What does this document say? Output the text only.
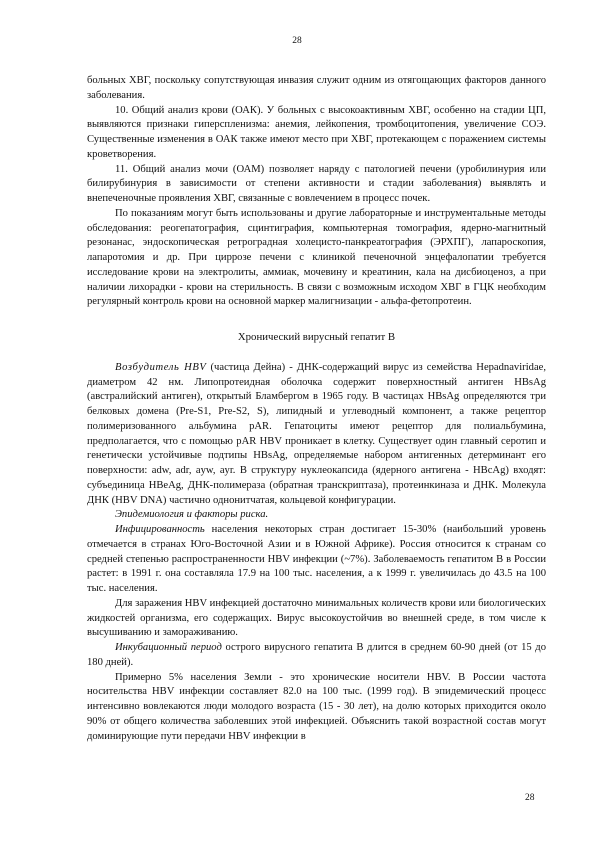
28

больных ХВГ, поскольку сопутствующая инвазия служит одним из отягощающих факторов данного заболевания.

10. Общий анализ крови (ОАК). У больных с высокоактивным ХВГ, особенно на стадии ЦП, выявляются признаки гиперспленизма: анемия, лейкопения, тромбоцитопения, увеличение СОЭ. Существенные изменения в ОАК также имеют место при ХВГ, протекающем с поражением системы кроветворения.

11. Общий анализ мочи (ОАМ) позволяет наряду с патологией печени (уробилинурия или билирубинурия в зависимости от степени активности и стадии заболевания) выявлять и внепеченочные проявления ХВГ, связанные с вовлечением в процесс почек.

По показаниям могут быть использованы и другие лабораторные и инструментальные методы обследования: реогепатография, сцинтиграфия, компьютерная томография, ядерно-магнитный резонанас, эндоскопическая ретроградная холецисто-панкреатография (ЭРХПГ), лапароскопия, лапаротомия и др. При циррозе печени с клиникой печеночной энцефалопатии требуется исследование крови на электролиты, аммиак, мочевину и креатинин, кала на дисбиоценоз, а при наличии лихорадки - крови на стерильность. В связи с возможным исходом ХВГ в ГЦК необходим регулярный контроль крови на основной маркер малигнизации - альфа-фетопротеин.

Хронический вирусный гепатит В

Возбудитель HBV (частица Дейна) - ДНК-содержащий вирус из семейства Hepadnaviridae, диаметром 42 нм. Липопротеидная оболочка содержит поверхностный антиген HBsAg (австралийский антиген), открытый Бламбергом в 1965 году. В частицах HBsAg определяются три белковых домена (Pre-S1, Pre-S2, S), липидный и углеводный компонент, а также рецептор полимеризованного альбумина pAR. Гепатоциты имеют рецептор для полиальбумина, предполагается, что с помощью pAR HBV проникает в клетку. Существует один главный серотип и генетически устойчивые подтипы HBsAg, определяемые набором антигенных детерминант его поверхности: adw, adr, ayw, ayr. В структуру нуклеокапсида (ядерного антигена - HBcAg) входят: субъединица HBeAg, ДНК-полимераза (обратная транскриптаза), протеинкиназа и ДНК. Молекула ДНК (HBV DNA) частично однонитчатая, кольцевой конфигурации.

Эпидемиология и факторы риска.

Инфицированность населения некоторых стран достигает 15-30% (наибольший уровень отмечается в странах Юго-Восточной Азии и в Южной Африке). Россия относится к странам со средней степенью распространенности HBV инфекции (~7%). Заболеваемость гепатитом В в России растет: в 1991 г. она составляла 17.9 на 100 тыс. населения, а к 1999 г. увеличилась до 43.5 на 100 тыс. населения.

Для заражения HBV инфекцией достаточно минимальных количеств крови или биологических жидкостей организма, его содержащих. Вирус высокоустойчив во внешней среде, в том числе к высушиванию и замораживанию.

Инкубационный период острого вирусного гепатита В длится в среднем 60-90 дней (от 15 до 180 дней).

Примерно 5% населения Земли - это хронические носители HBV. В России частота носительства HBV инфекции составляет 82.0 на 100 тыс. (1999 год). В эпидемический процесс интенсивно вовлекаются люди молодого возраста (15 - 30 лет), на долю которых приходится около 90% от общего количества заболевших этой инфекцией. Объяснить такой возрастной состав могут доминирующие пути передачи HBV инфекции в

28
